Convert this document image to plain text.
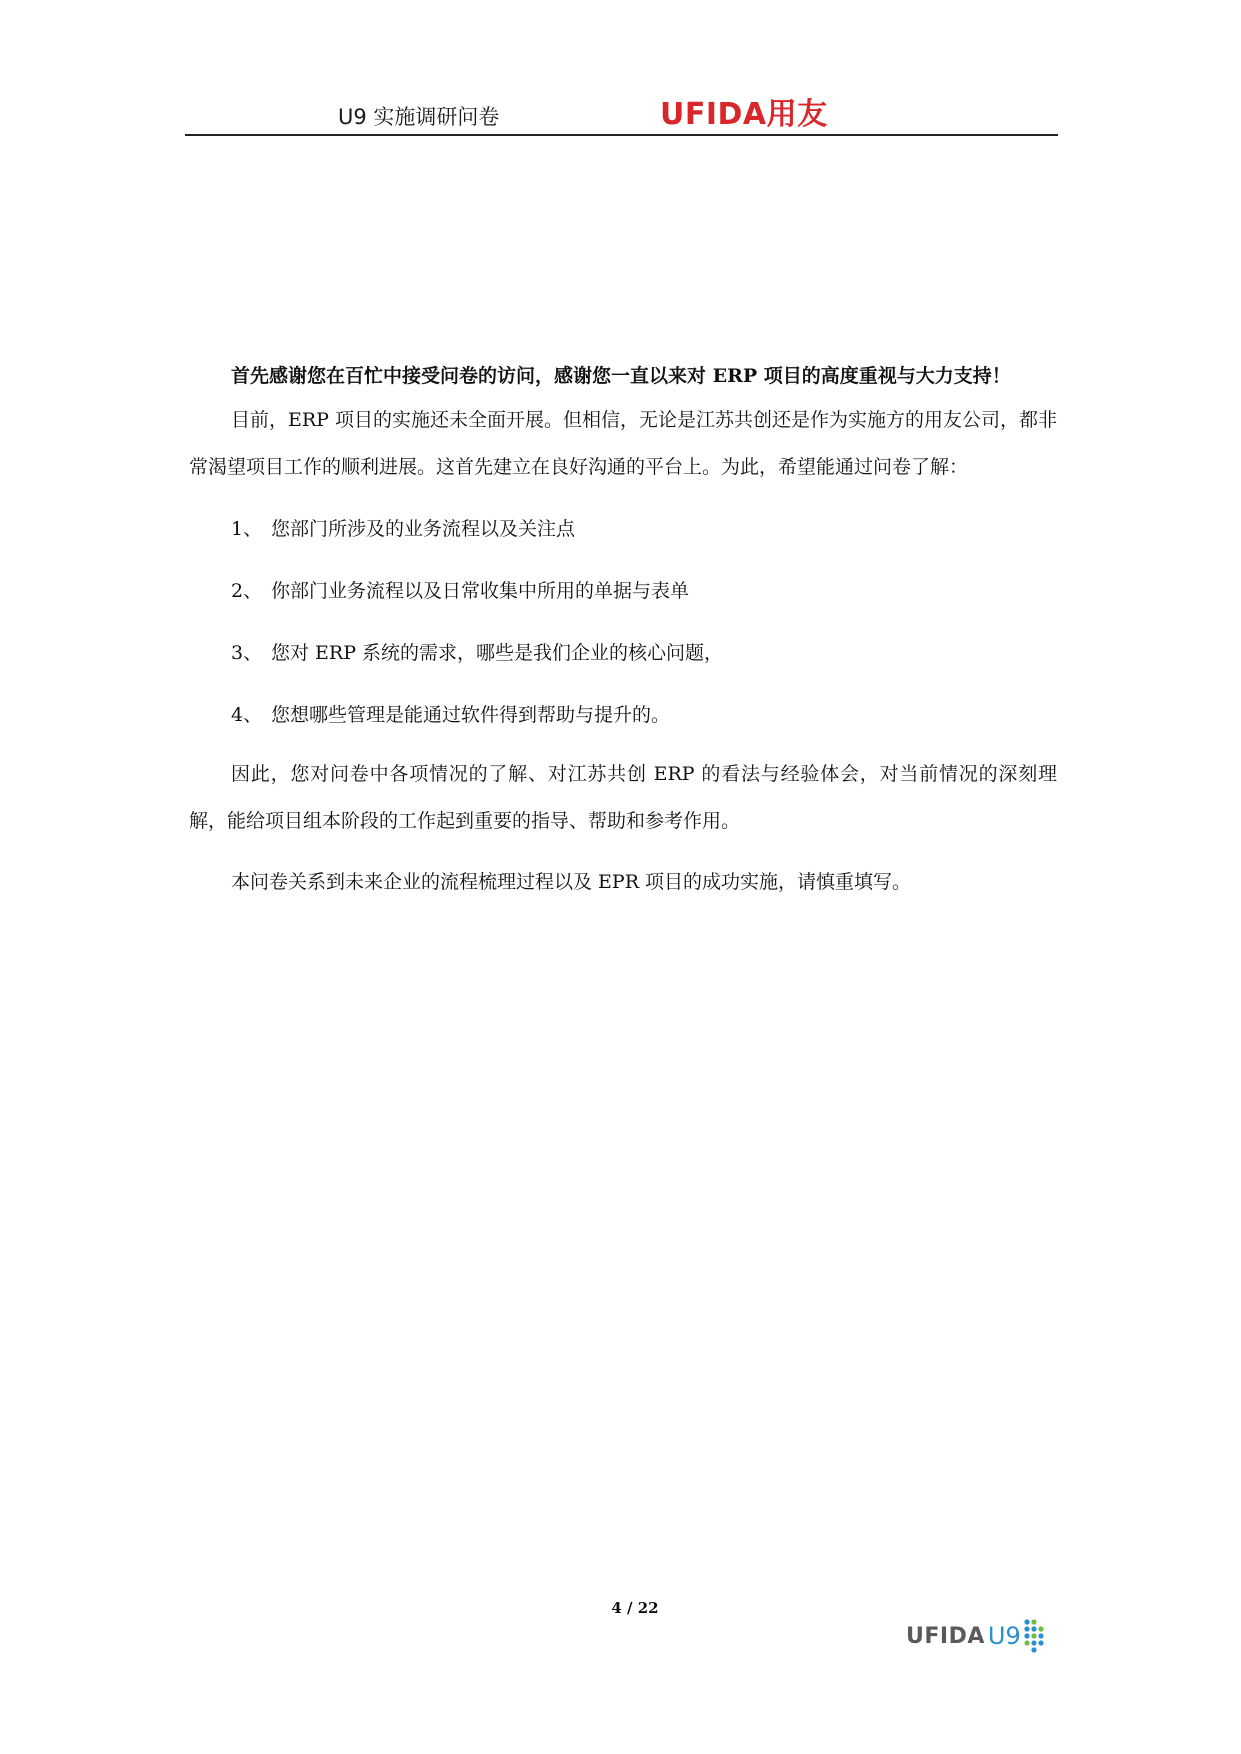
U9 实施调研问卷	UFIDA用友

首先感谢您在百忙中接受问卷的访问，感谢您一直以来对 ERP 项目的高度重视与大力支持！

目前，ERP 项目的实施还未全面开展。但相信，无论是江苏共创还是作为实施方的用友公司，都非常渴望项目工作的顺利进展。这首先建立在良好沟通的平台上。为此，希望能通过问卷了解：

1、 您部门所涉及的业务流程以及关注点
2、 你部门业务流程以及日常收集中所用的单据与表单
3、 您对 ERP 系统的需求，哪些是我们企业的核心问题，
4、 您想哪些管理是能通过软件得到帮助与提升的。

因此，您对问卷中各项情况的了解、对江苏共创 ERP 的看法与经验体会，对当前情况的深刻理解，能给项目组本阶段的工作起到重要的指导、帮助和参考作用。

本问卷关系到未来企业的流程梳理过程以及 EPR 项目的成功实施，请慎重填写。

4 / 22
UFIDA U9
